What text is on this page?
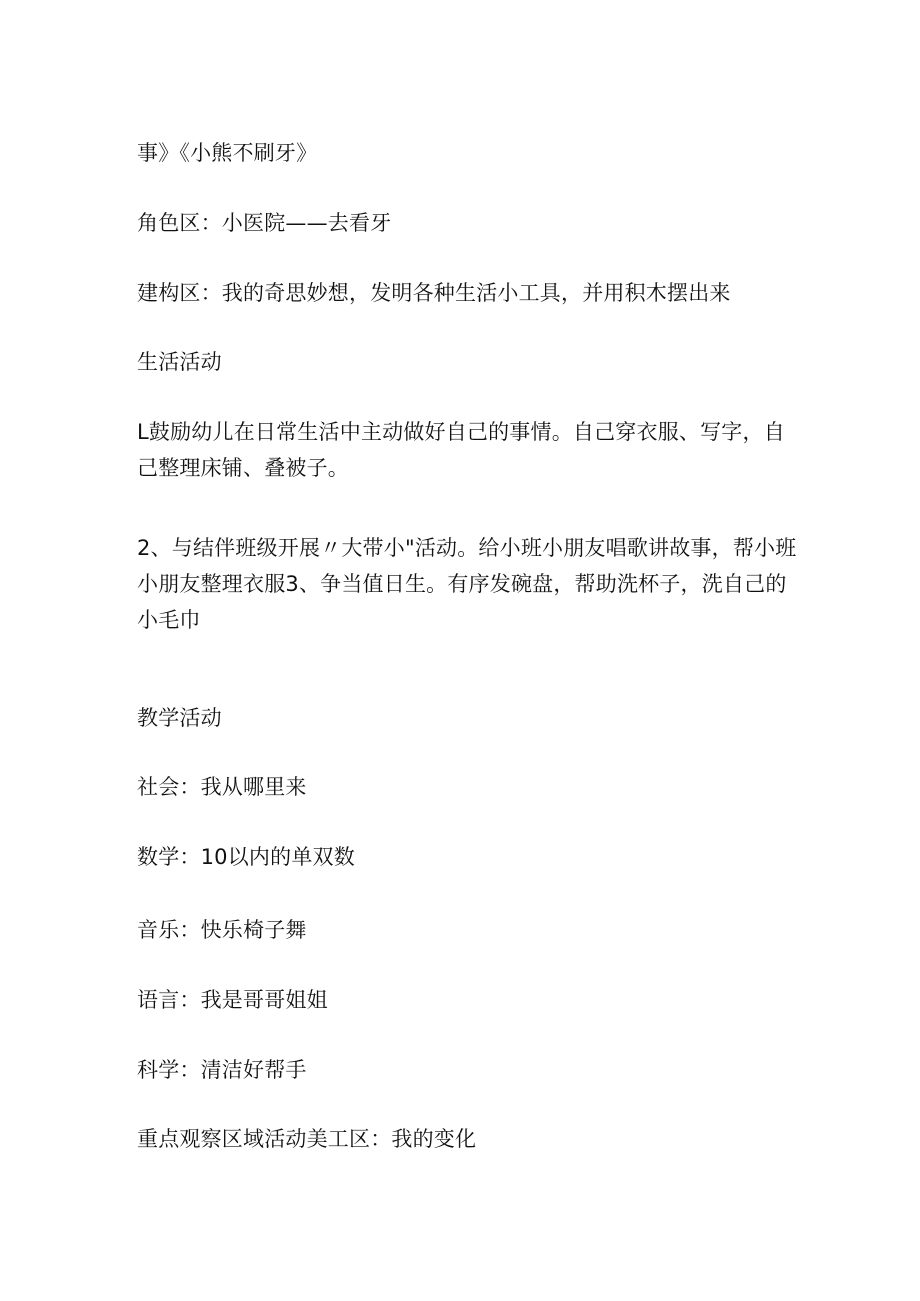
事》《小熊不刷牙》
角色区：小医院——去看牙
建构区：我的奇思妙想，发明各种生活小工具，并用积木摆出来
生活活动
L鼓励幼儿在日常生活中主动做好自己的事情。自己穿衣服、写字，自己整理床铺、叠被子。
2、与结伴班级开展〃大带小"活动。给小班小朋友唱歌讲故事，帮小班小朋友整理衣服3、争当值日生。有序发碗盘，帮助洗杯子，洗自己的小毛巾
教学活动
社会：我从哪里来
数学：10以内的单双数
音乐：快乐椅子舞
语言：我是哥哥姐姐
科学：清洁好帮手
重点观察区域活动美工区：我的变化
